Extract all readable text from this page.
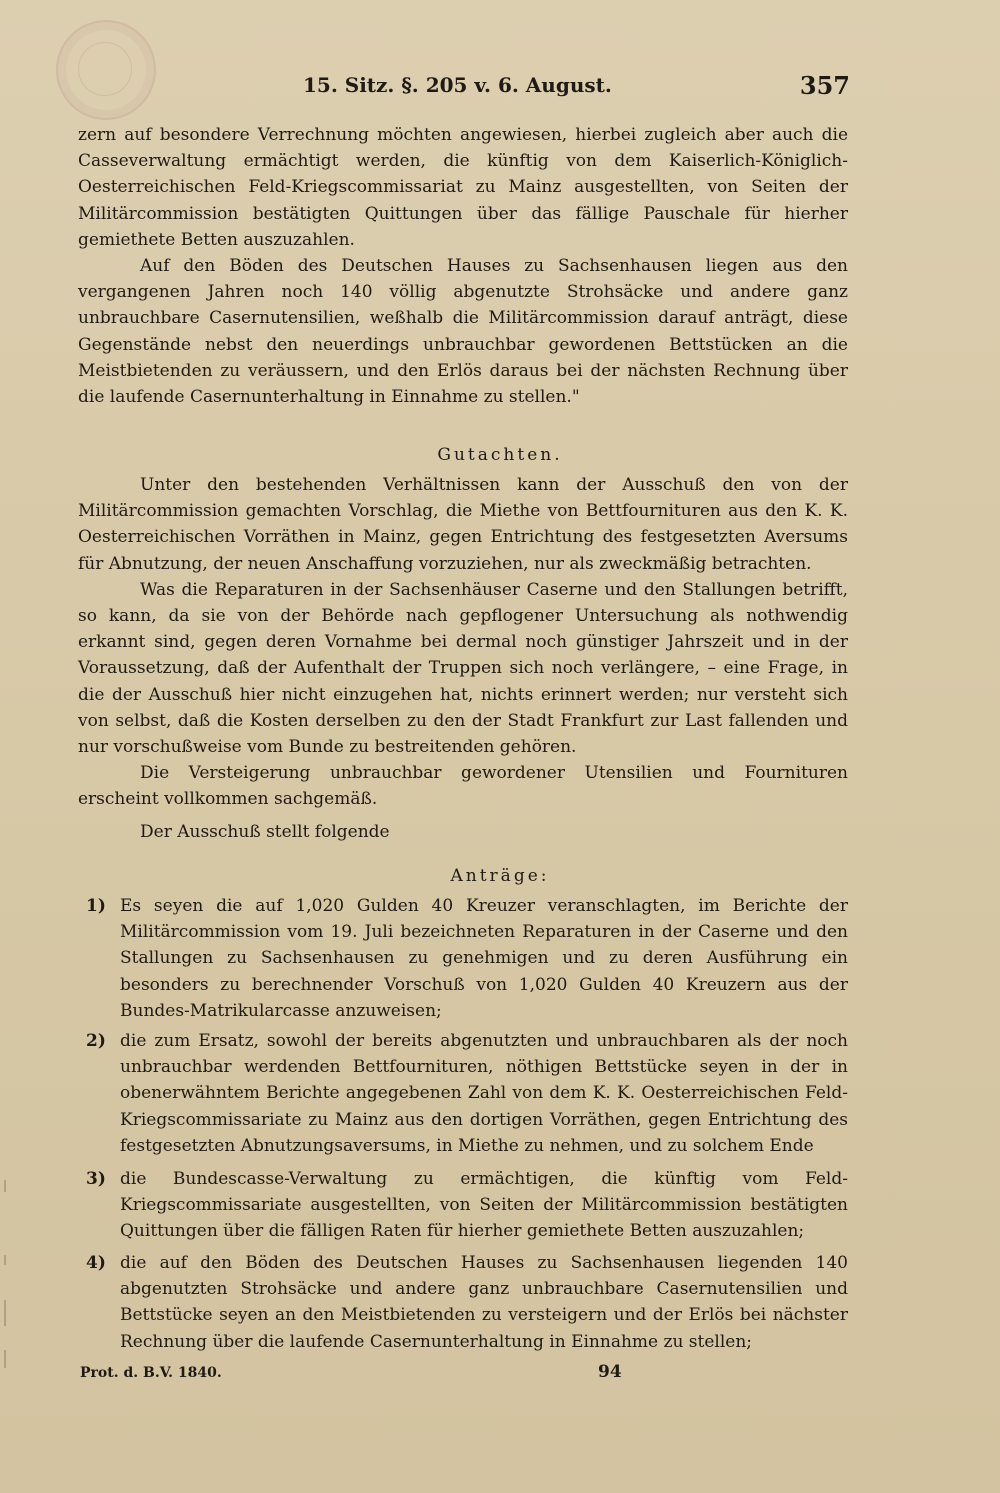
15. Sitz. §. 205 v. 6. August.	357

zern auf besondere Verrechnung möchten angewiesen, hierbei zugleich aber auch die Casseverwaltung ermächtigt werden, die künftig von dem Kaiserlich-Königlich-Oesterreichischen Feld-Kriegscommissariat zu Mainz ausgestellten, von Seiten der Militärcommission bestätigten Quittungen über das fällige Pauschale für hierher gemiethete Betten auszuzahlen.

Auf den Böden des Deutschen Hauses zu Sachsenhausen liegen aus den vergangenen Jahren noch 140 völlig abgenutzte Strohsäcke und andere ganz unbrauchbare Casernutensilien, weßhalb die Militärcommission darauf anträgt, diese Gegenstände nebst den neuerdings unbrauchbar gewordenen Bettstücken an die Meistbietenden zu veräussern, und den Erlös daraus bei der nächsten Rechnung über die laufende Casernunterhaltung in Einnahme zu stellen."

Gutachten.

Unter den bestehenden Verhältnissen kann der Ausschuß den von der Militärcommission gemachten Vorschlag, die Miethe von Bettfournituren aus den K. K. Oesterreichischen Vorräthen in Mainz, gegen Entrichtung des festgesetzten Aversums für Abnutzung, der neuen Anschaffung vorzuziehen, nur als zweckmäßig betrachten.

Was die Reparaturen in der Sachsenhäuser Caserne und den Stallungen betrifft, so kann, da sie von der Behörde nach gepflogener Untersuchung als nothwendig erkannt sind, gegen deren Vornahme bei dermal noch günstiger Jahrszeit und in der Voraussetzung, daß der Aufenthalt der Truppen sich noch verlängere, – eine Frage, in die der Ausschuß hier nicht einzugehen hat, nichts erinnert werden; nur versteht sich von selbst, daß die Kosten derselben zu den der Stadt Frankfurt zur Last fallenden und nur vorschußweise vom Bunde zu bestreitenden gehören.

Die Versteigerung unbrauchbar gewordener Utensilien und Fournituren erscheint vollkommen sachgemäß.

Der Ausschuß stellt folgende

Anträge:
1) Es seyen die auf 1,020 Gulden 40 Kreuzer veranschlagten, im Berichte der Militärcommission vom 19. Juli bezeichneten Reparaturen in der Caserne und den Stallungen zu Sachsenhausen zu genehmigen und zu deren Ausführung ein besonders zu berechnender Vorschuß von 1,020 Gulden 40 Kreuzern aus der Bundes-Matrikularcasse anzuweisen;
2) die zum Ersatz, sowohl der bereits abgenutzten und unbrauchbaren als der noch unbrauchbar werdenden Bettfournituren, nöthigen Bettstücke seyen in der in obenerwähntem Berichte angegebenen Zahl von dem K. K. Oesterreichischen Feld-Kriegscommissariate zu Mainz aus den dortigen Vorräthen, gegen Entrichtung des festgesetzten Abnutzungsaversums, in Miethe zu nehmen, und zu solchem Ende
3) die Bundescasse-Verwaltung zu ermächtigen, die künftig vom Feld-Kriegscommissariate ausgestellten, von Seiten der Militärcommission bestätigten Quittungen über die fälligen Raten für hierher gemiethete Betten auszuzahlen;
4) die auf den Böden des Deutschen Hauses zu Sachsenhausen liegenden 140 abgenutzten Strohsäcke und andere ganz unbrauchbare Casernutensilien und Bettstücke seyen an den Meistbietenden zu versteigern und der Erlös bei nächster Rechnung über die laufende Casernunterhaltung in Einnahme zu stellen;
Prot. d. B.V. 1840.	94
